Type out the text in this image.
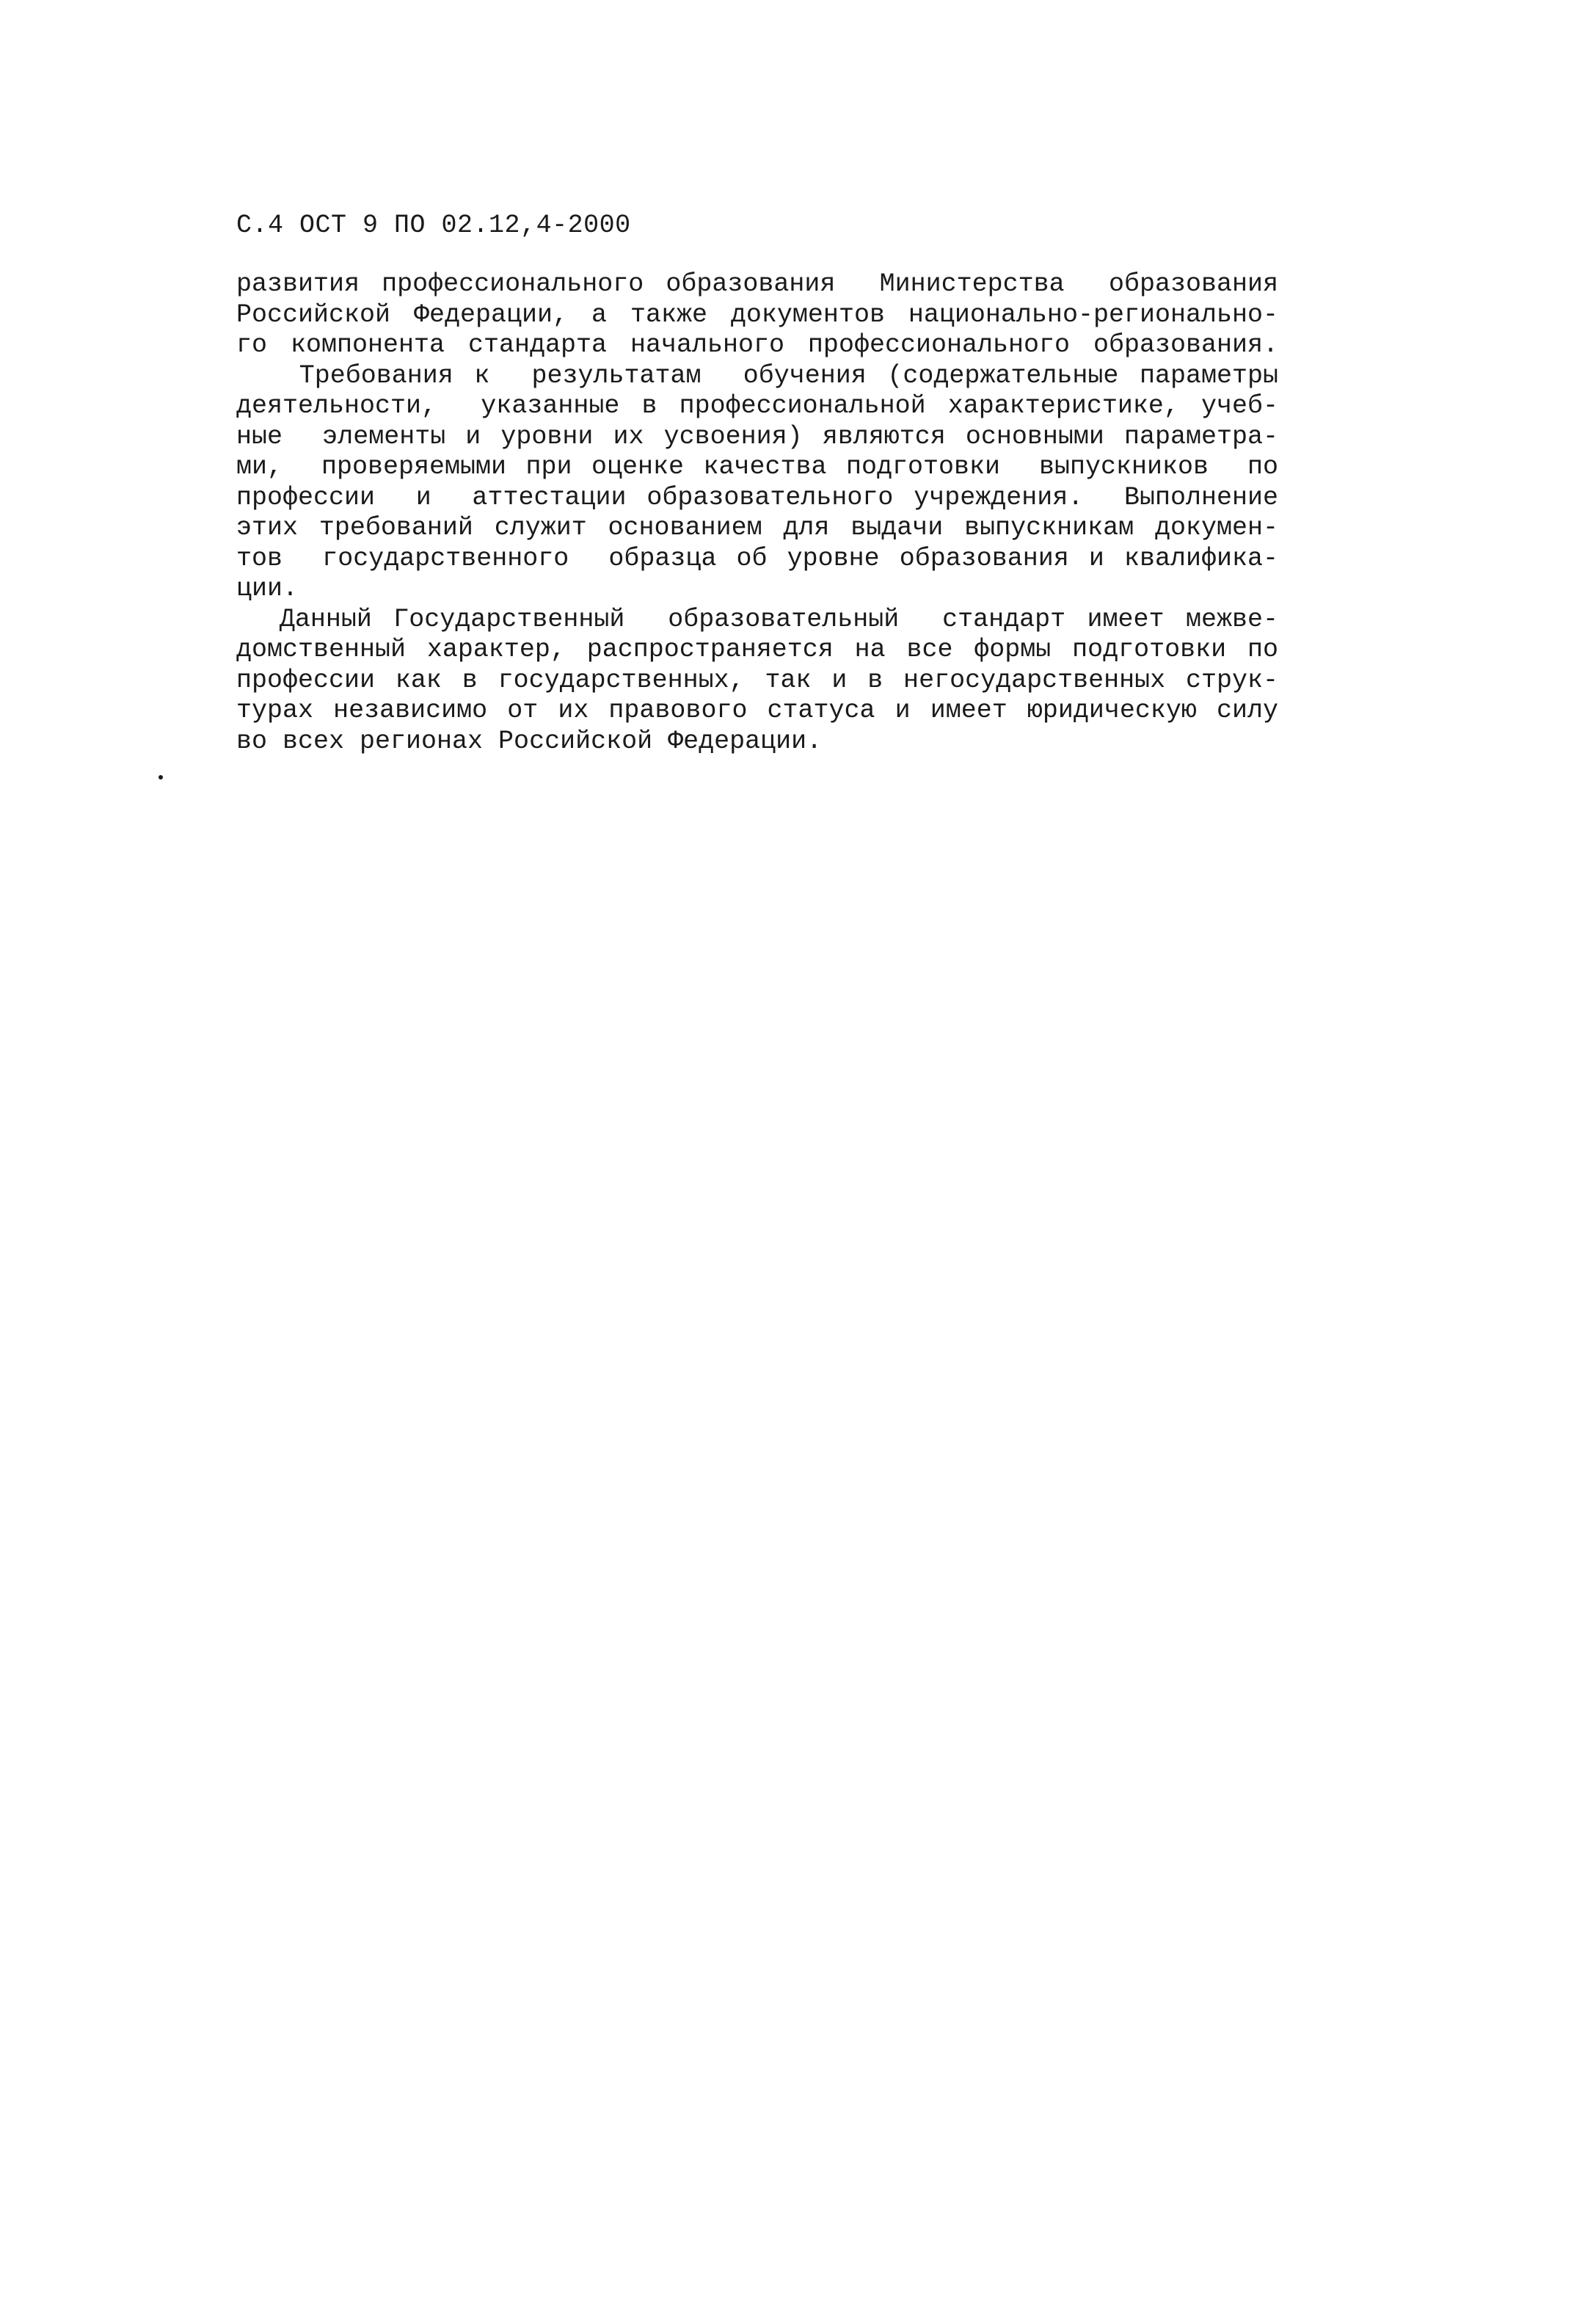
С.4 ОСТ 9 ПО 02.12,4-2000
развития профессионального образования  Министерства  образования
Российской Федерации, а также документов национально-регионально-
го компонента стандарта начального профессионального образования.
Требования к  результатам  обучения (содержательные параметры
деятельности,  указанные в профессиональной характеристике, учеб-
ные  элементы и уровни их усвоения) являются основными параметра-
ми,  проверяемыми при оценке качества подготовки  выпускников  по
профессии  и  аттестации образовательного учреждения.  Выполнение
этих требований служит основанием для выдачи выпускникам докумен-
тов  государственного  образца об уровне образования и квалифика-
ции.
Данный Государственный  образовательный  стандарт имеет межве-
домственный характер, распространяется на все формы подготовки по
профессии как в государственных, так и в негосударственных струк-
турах независимо от их правового статуса и имеет юридическую силу
во всех регионах Российской Федерации.
